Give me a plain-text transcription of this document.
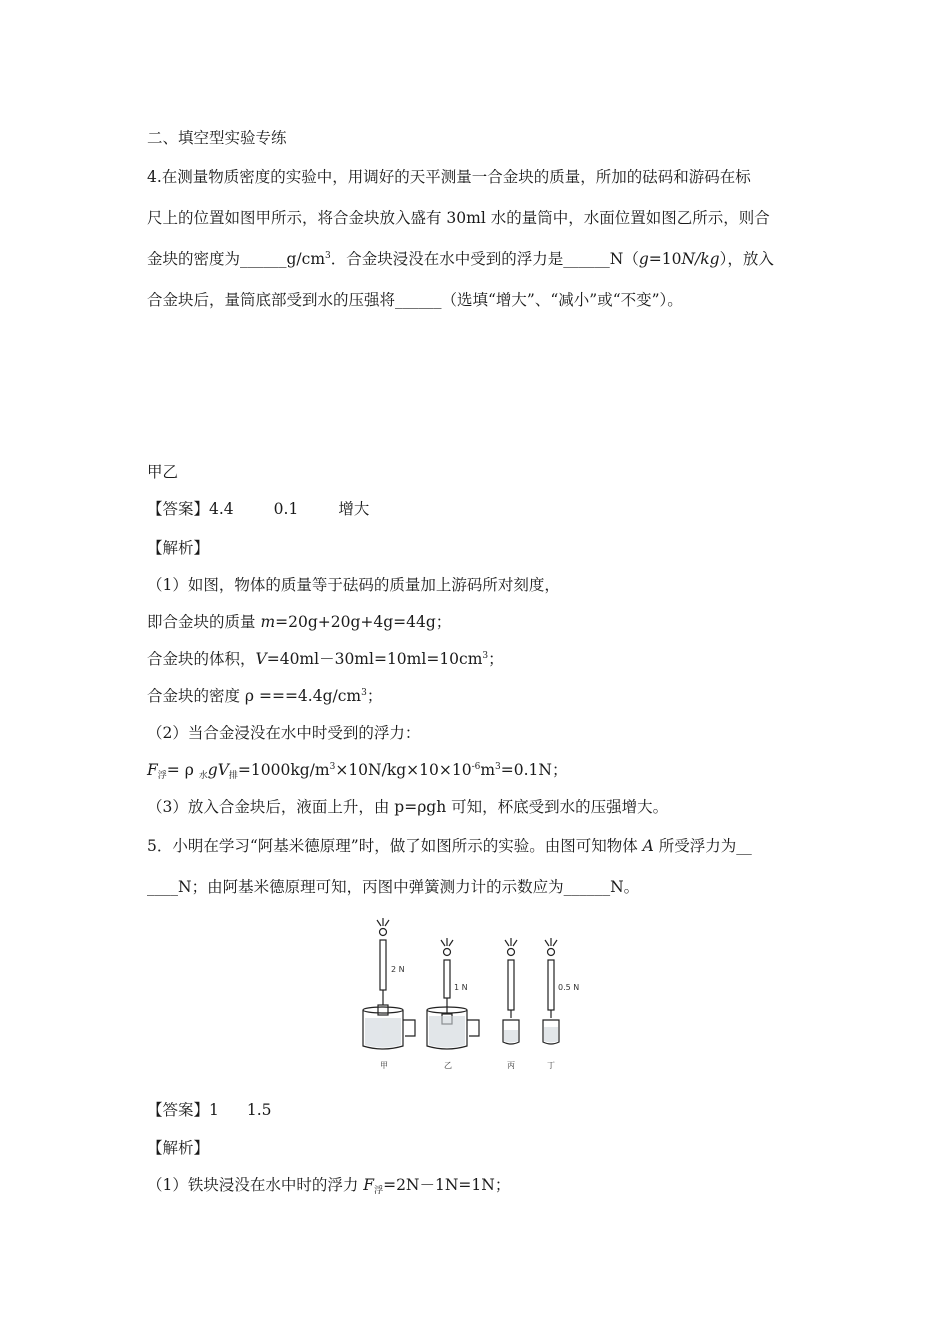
二、填空型实验专练
4.在测量物质密度的实验中，用调好的天平测量一合金块的质量，所加的砝码和游码在标
尺上的位置如图甲所示，将合金块放入盛有 30ml 水的量筒中，水面位置如图乙所示，则合
金块的密度为$\_\_\_\_\_\_g/cm^3$．合金块浸没在水中受到的浮力是______N（g=10N/kg），放入
合金块后，量筒底部受到水的压强将______（选填“增大”、“减小”或“不变”）。
甲乙
【答案】4.4	0.1	增大
【解析】
（1）如图，物体的质量等于砝码的质量加上游码所对刻度，
即合金块的质量 m=20g+20g+4g=44g；
合金块的体积，$V=40ml-30ml=10ml=10cm^3$；
合金块的密度 $\rho ===4.4g/cm^3$；
（2）当合金浸没在水中时受到的浮力：
$F_浮= \rho$ $_水gV_排=1000kg/m^3\times 10N/kg\times 10\times 10^{-6}m^3=0.1N$；
（3）放入合金块后，液面上升，由 p=ρgh 可知，杯底受到水的压强增大。
5．小明在学习“阿基米德原理”时，做了如图所示的实验。由图可知物体 A 所受浮力为__
____N；由阿基米德原理可知，丙图中弹簧测力计的示数应为______N。
2 N
1 N	0.5 N
甲	乙	丙	丁
【答案】1 1.5
【解析】
（1）铁块浸没在水中时的浮力 $F_浮=2N-1N=1N$；
